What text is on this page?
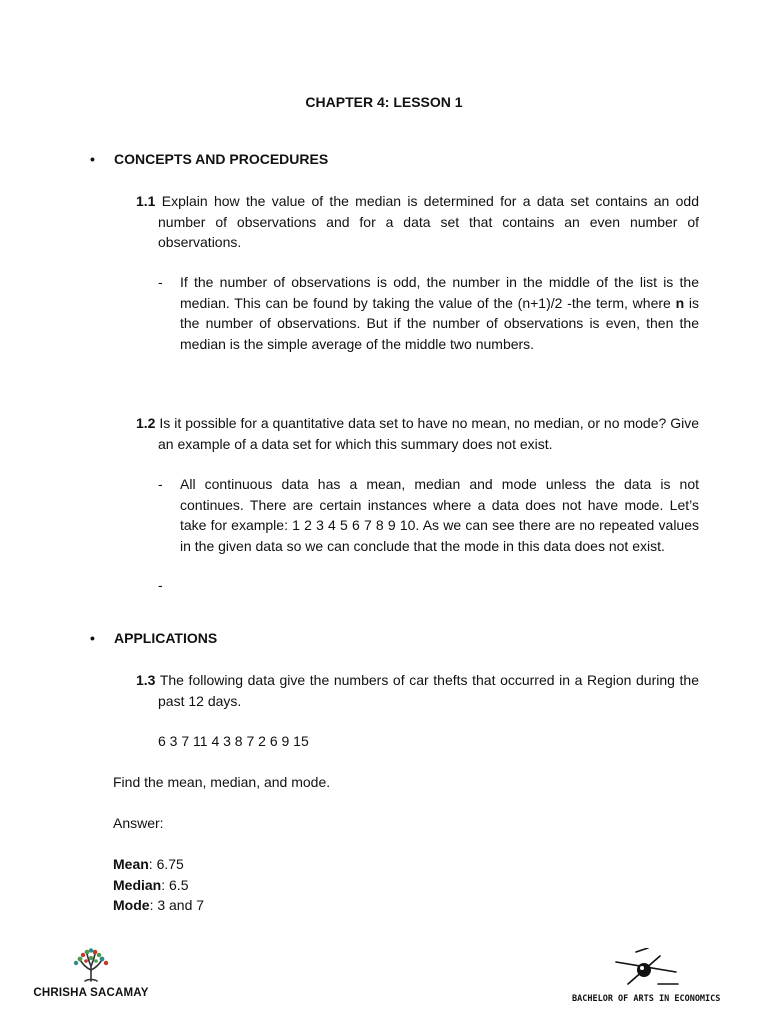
CHAPTER 4: LESSON 1
• CONCEPTS AND PROCEDURES
1.1 Explain how the value of the median is determined for a data set contains an odd number of observations and for a data set that contains an even number of observations.
- If the number of observations is odd, the number in the middle of the list is the median. This can be found by taking the value of the (n+1)/2 -the term, where n is the number of observations. But if the number of observations is even, then the median is the simple average of the middle two numbers.
1.2 Is it possible for a quantitative data set to have no mean, no median, or no mode? Give an example of a data set for which this summary does not exist.
- All continuous data has a mean, median and mode unless the data is not continues. There are certain instances where a data does not have mode. Let’s take for example: 1 2 3 4 5 6 7 8 9 10. As we can see there are no repeated values in the given data so we can conclude that the mode in this data does not exist.
-
• APPLICATIONS
1.3 The following data give the numbers of car thefts that occurred in a Region during the past 12 days.
6 3 7 11 4 3 8 7 2 6 9 15
Find the mean, median, and mode.
Answer:
Mean: 6.75
Median: 6.5
Mode: 3 and 7
CHRISHA SACAMAY	BACHELOR OF ARTS IN ECONOMICS
